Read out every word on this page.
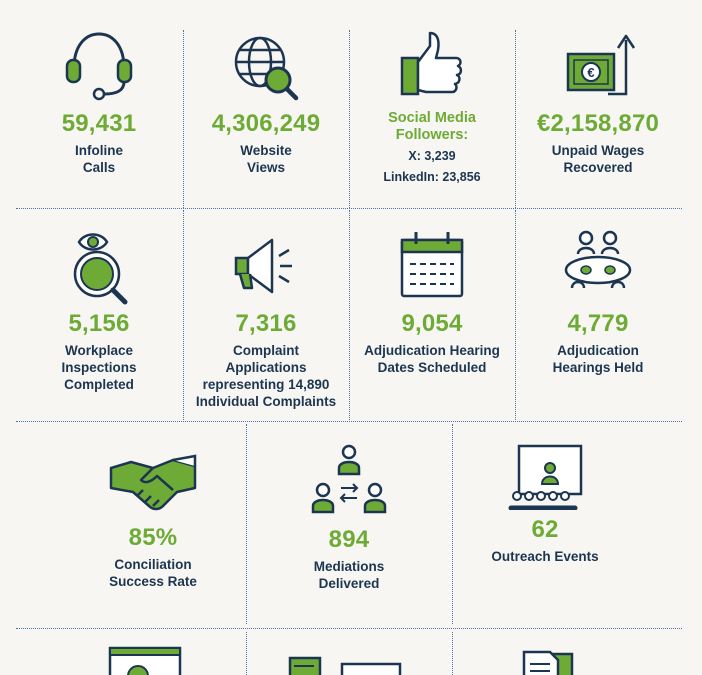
59,431
Infoline
Calls
4,306,249
Website
Views
Social Media
Followers:
X: 3,239
LinkedIn: 23,856
€
€2,158,870
Unpaid Wages
Recovered
5,156
Workplace
Inspections
Completed
7,316
Complaint
Applications
representing 14,890
Individual Complaints
9,054
Adjudication Hearing
Dates Scheduled
4,779
Adjudication
Hearings Held
85%
Conciliation
Success Rate
894
Mediations
Delivered
62
Outreach Events
